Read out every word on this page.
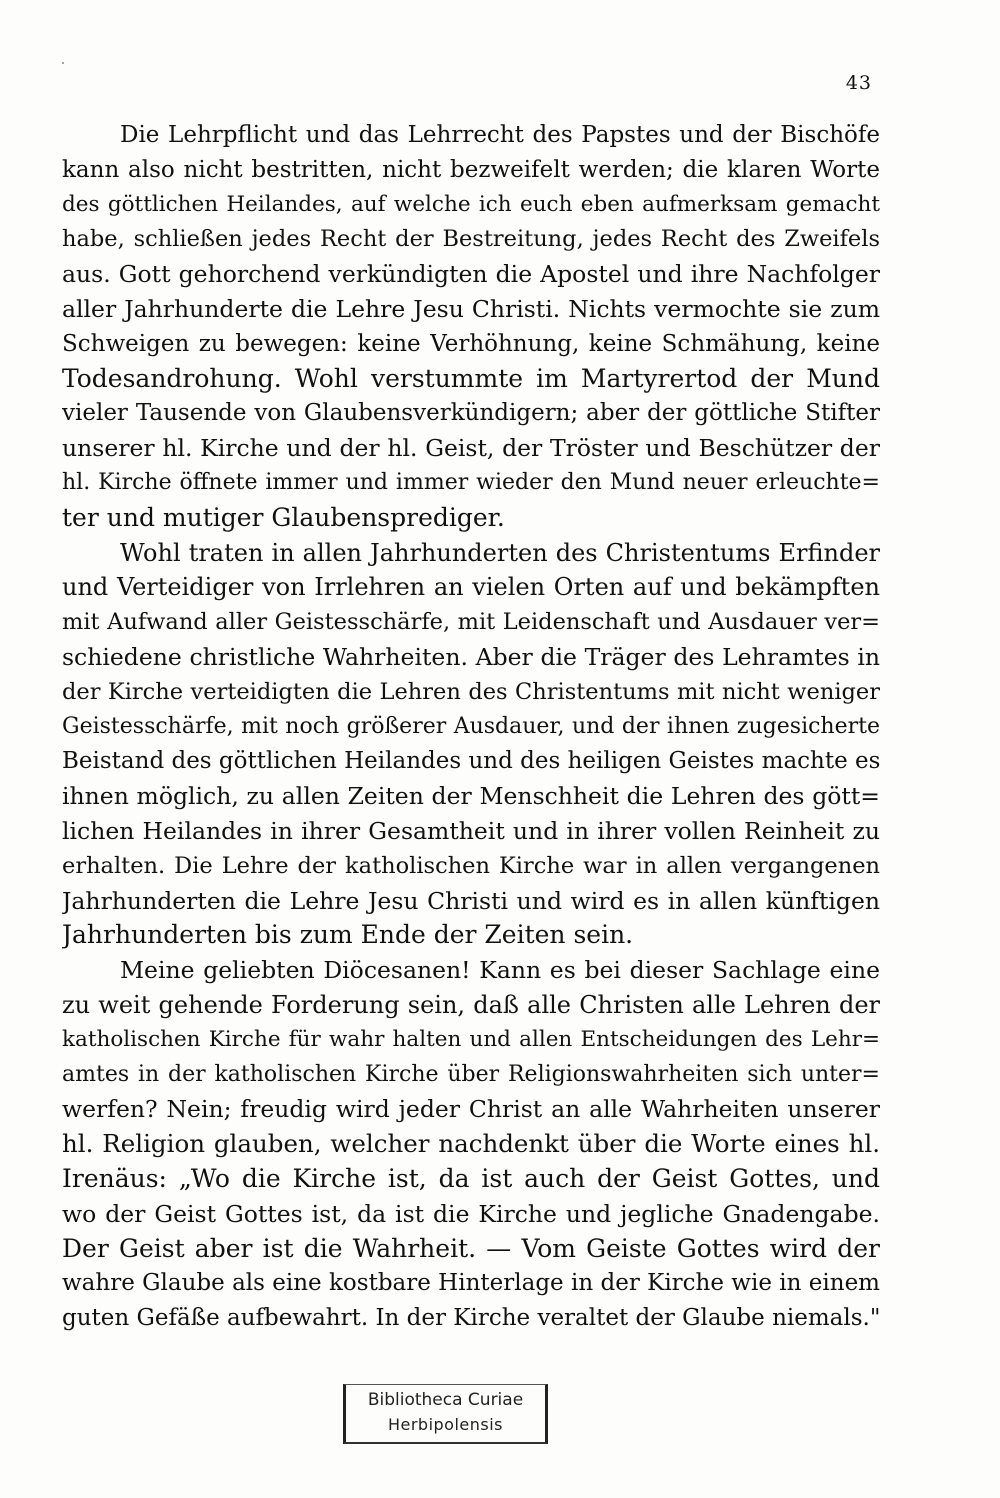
43
Die Lehrpflicht und das Lehrrecht des Papstes und der Bischöfe
kann also nicht bestritten, nicht bezweifelt werden; die klaren Worte
des göttlichen Heilandes, auf welche ich euch eben aufmerksam gemacht
habe, schließen jedes Recht der Bestreitung, jedes Recht des Zweifels
aus. Gott gehorchend verkündigten die Apostel und ihre Nachfolger
aller Jahrhunderte die Lehre Jesu Christi. Nichts vermochte sie zum
Schweigen zu bewegen: keine Verhöhnung, keine Schmähung, keine
Todesandrohung. Wohl verstummte im Martyrertod der Mund
vieler Tausende von Glaubensverkündigern; aber der göttliche Stifter
unserer hl. Kirche und der hl. Geist, der Tröster und Beschützer der
hl. Kirche öffnete immer und immer wieder den Mund neuer erleuchte=
ter und mutiger Glaubensprediger.
Wohl traten in allen Jahrhunderten des Christentums Erfinder
und Verteidiger von Irrlehren an vielen Orten auf und bekämpften
mit Aufwand aller Geistesschärfe, mit Leidenschaft und Ausdauer ver=
schiedene christliche Wahrheiten. Aber die Träger des Lehramtes in
der Kirche verteidigten die Lehren des Christentums mit nicht weniger
Geistesschärfe, mit noch größerer Ausdauer, und der ihnen zugesicherte
Beistand des göttlichen Heilandes und des heiligen Geistes machte es
ihnen möglich, zu allen Zeiten der Menschheit die Lehren des gött=
lichen Heilandes in ihrer Gesamtheit und in ihrer vollen Reinheit zu
erhalten. Die Lehre der katholischen Kirche war in allen vergangenen
Jahrhunderten die Lehre Jesu Christi und wird es in allen künftigen
Jahrhunderten bis zum Ende der Zeiten sein.
Meine geliebten Diöcesanen! Kann es bei dieser Sachlage eine
zu weit gehende Forderung sein, daß alle Christen alle Lehren der
katholischen Kirche für wahr halten und allen Entscheidungen des Lehr=
amtes in der katholischen Kirche über Religionswahrheiten sich unter=
werfen? Nein; freudig wird jeder Christ an alle Wahrheiten unserer
hl. Religion glauben, welcher nachdenkt über die Worte eines hl.
Irenäus: „Wo die Kirche ist, da ist auch der Geist Gottes, und
wo der Geist Gottes ist, da ist die Kirche und jegliche Gnadengabe.
Der Geist aber ist die Wahrheit. — Vom Geiste Gottes wird der
wahre Glaube als eine kostbare Hinterlage in der Kirche wie in einem
guten Gefäße aufbewahrt. In der Kirche veraltet der Glaube niemals."
Bibliotheca Curiae
Herbipolensis
